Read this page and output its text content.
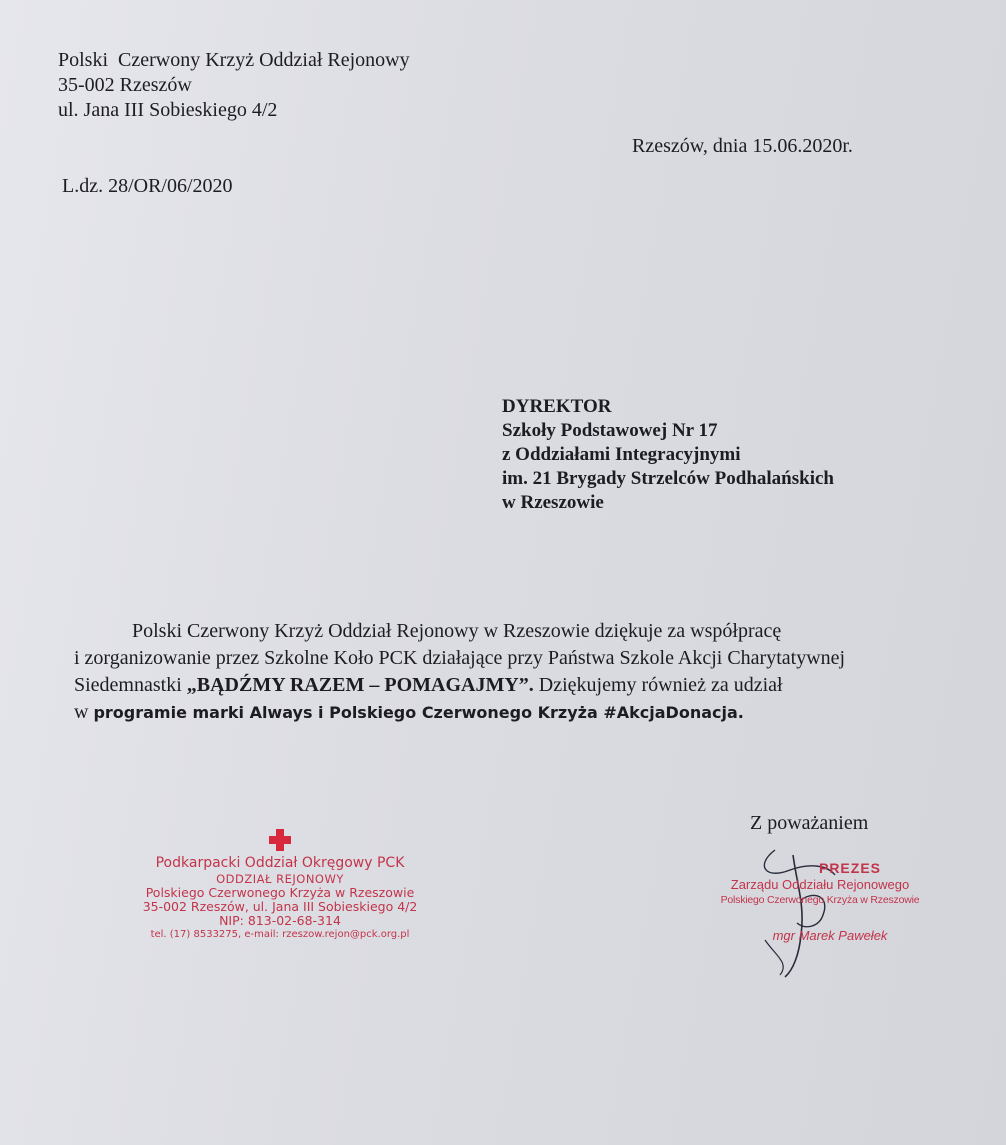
Polski  Czerwony Krzyż Oddział Rejonowy
35-002 Rzeszów
ul. Jana III Sobieskiego 4/2
Rzeszów, dnia 15.06.2020r.
L.dz. 28/OR/06/2020
DYREKTOR
Szkoły Podstawowej Nr 17
z Oddziałami Integracyjnymi
im. 21 Brygady Strzelców Podhalańskich
w Rzeszowie
Polski Czerwony Krzyż Oddział Rejonowy w Rzeszowie dziękuje za współpracę
i zorganizowanie przez Szkolne Koło PCK działające przy Państwa Szkole Akcji Charytatywnej
Siedemnastki „BĄDŹMY RAZEM – POMAGAJMY”. Dziękujemy również za udział
w programie marki Always i Polskiego Czerwonego Krzyża #AkcjaDonacja.
Z poważaniem
Podkarpacki Oddział Okręgowy PCK
ODDZIAŁ REJONOWY
Polskiego Czerwonego Krzyża w Rzeszowie
35-002 Rzeszów, ul. Jana III Sobieskiego 4/2
NIP: 813-02-68-314
tel. (17) 8533275, e-mail: rzeszow.rejon@pck.org.pl
PREZES
Zarządu Oddziału Rejonowego
Polskiego Czerwonego Krzyża w Rzeszowie
mgr Marek Pawełek
